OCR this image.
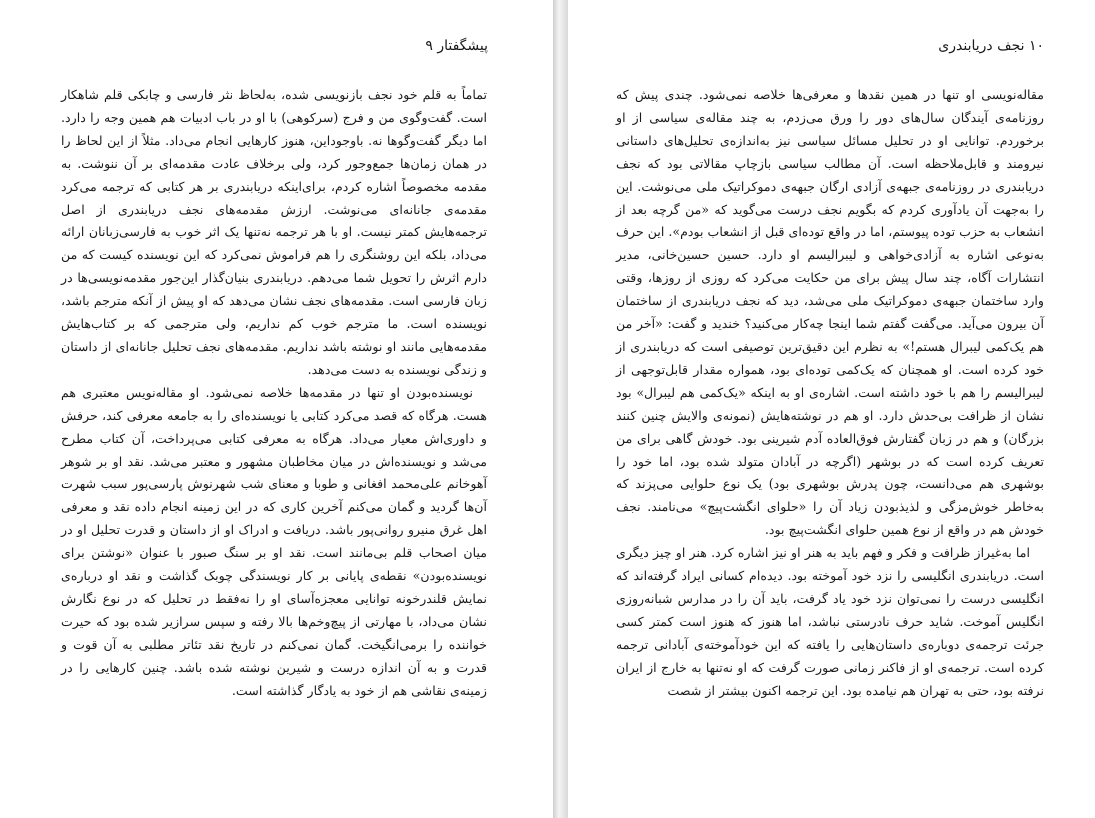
پیشگفتار ۹

تماماً به قلم خود نجف بازنویسی شده، به‌لحاظ نثر فارسی و چابکی قلم شاهکار است. گفت‌وگوی من و فرج (سرکوهی) با او در باب ادبیات هم همین وجه را دارد. اما دیگر گفت‌وگوها نه. باوجوداین، هنوز کارهایی انجام می‌داد. مثلاً از این لحاظ را در همان زمان‌ها جمع‌وجور کرد، ولی برخلاف عادت مقدمه‌ای بر آن ننوشت. به مقدمه مخصوصاً اشاره کردم، برای‌اینکه دریابندری بر هر کتابی که ترجمه می‌کرد مقدمه‌ی جانانه‌ای می‌نوشت. ارزش مقدمه‌های نجف دریابندری از اصل ترجمه‌هایش کمتر نیست. او با هر ترجمه نه‌تنها یک اثر خوب به فارسی‌زبانان ارائه می‌داد، بلکه این روشنگری را هم فراموش نمی‌کرد که این نویسنده کیست که من دارم اثرش را تحویل شما می‌دهم. دریابندری بنیان‌گذار این‌جور مقدمه‌نویسی‌ها در زبان فارسی است. مقدمه‌های نجف نشان می‌دهد که او پیش از آنکه مترجم باشد، نویسنده است. ما مترجم خوب کم نداریم، ولی مترجمی که بر کتاب‌هایش مقدمه‌هایی مانند او نوشته باشد نداریم. مقدمه‌های نجف تحلیل جانانه‌ای از داستان و زندگی نویسنده به دست می‌دهد.

نویسنده‌بودن او تنها در مقدمه‌ها خلاصه نمی‌شود. او مقاله‌نویس معتبری هم هست. هرگاه که قصد می‌کرد کتابی یا نویسنده‌ای را به جامعه معرفی کند، حرفش و داوری‌اش معیار می‌داد. هرگاه به معرفی کتابی می‌پرداخت، آن کتاب مطرح می‌شد و نویسنده‌اش در میان مخاطبان مشهور و معتبر می‌شد. نقد او بر شوهر آهوخانم علی‌محمد افغانی و طوبا و معنای شب شهرنوش پارسی‌پور سبب شهرت آن‌ها گردید و گمان می‌کنم آخرین کاری که در این زمینه انجام داده نقد و معرفی اهل غرق منیرو روانی‌پور باشد. دریافت و ادراک او از داستان و قدرت تحلیل او در میان اصحاب قلم بی‌مانند است. نقد او بر سنگ صبور با عنوان «نوشتن برای نویسنده‌بودن» نقطه‌ی پایانی بر کار نویسندگی چوبک گذاشت و نقد او درباره‌ی نمایش قلندرخونه توانایی معجزه‌آسای او را نه‌فقط در تحلیل که در نوع نگارش نشان می‌داد، با مهارتی از پیچ‌وخم‌ها بالا رفته و سپس سرازیر شده بود که حیرت خواننده را برمی‌انگیخت. گمان نمی‌کنم در تاریخ نقد تئاتر مطلبی به آن قوت و قدرت و به آن اندازه درست و شیرین نوشته شده باشد. چنین کارهایی را در زمینه‌ی نقاشی هم از خود به یادگار گذاشته است.

۱۰ نجف دریابندری

مقاله‌نویسی او تنها در همین نقدها و معرفی‌ها خلاصه نمی‌شود. چندی پیش که روزنامه‌ی آیندگان سال‌های دور را ورق می‌زدم، به چند مقاله‌ی سیاسی از او برخوردم. توانایی او در تحلیل مسائل سیاسی نیز به‌اندازه‌ی تحلیل‌های داستانی نیرومند و قابل‌ملاحظه است. آن مطالب سیاسی بازچاپ مقالاتی بود که نجف دریابندری در روزنامه‌ی جبهه‌ی آزادی ارگان جبهه‌ی دموکراتیک ملی می‌نوشت. این را به‌جهت آن یادآوری کردم که بگویم نجف درست می‌گوید که «من گرچه بعد از انشعاب به حزب توده پیوستم، اما در واقع توده‌ای قبل از انشعاب بودم». این حرف به‌نوعی اشاره به آزادی‌خواهی و لیبرالیسم او دارد. حسین حسین‌خانی، مدیر انتشارات آگاه، چند سال پیش برای من حکایت می‌کرد که روزی از روزها، وقتی وارد ساختمان جبهه‌ی دموکراتیک ملی می‌شد، دید که نجف دریابندری از ساختمان آن بیرون می‌آید. می‌گفت گفتم شما اینجا چه‌کار می‌کنید؟ خندید و گفت: «آخر من هم یک‌کمی لیبرال هستم!» به نظرم این دقیق‌ترین توصیفی است که دریابندری از خود کرده است. او همچنان که یک‌کمی توده‌ای بود، همواره مقدار قابل‌توجهی از لیبرالیسم را هم با خود داشته است. اشاره‌ی او به اینکه «یک‌کمی هم لیبرال» بود نشان از ظرافت بی‌حدش دارد. او هم در نوشته‌هایش (نمونه‌ی والایش چنین کنند بزرگان) و هم در زبان گفتارش فوق‌العاده آدم شیرینی بود. خودش گاهی برای من تعریف کرده است که در بوشهر (اگرچه در آبادان متولد شده بود، اما خود را بوشهری هم می‌دانست، چون پدرش بوشهری بود) یک نوع حلوایی می‌پزند که به‌خاطر خوش‌مزگی و لذیذبودن زیاد آن را «حلوای انگشت‌پیچ» می‌نامند. نجف خودش هم در واقع از نوع همین حلوای انگشت‌پیچ بود.

اما به‌غیراز ظرافت و فکر و فهم باید به هنر او نیز اشاره کرد. هنر او چیز دیگری است. دریابندری انگلیسی را نزد خود آموخته بود. دیده‌ام کسانی ایراد گرفته‌اند که انگلیسی درست را نمی‌توان نزد خود یاد گرفت، باید آن را در مدارس شبانه‌روزی انگلیس آموخت. شاید حرف نادرستی نباشد، اما هنوز که هنوز است کمتر کسی جرئت ترجمه‌ی دوباره‌ی داستان‌هایی را یافته که این خودآموخته‌ی آبادانی ترجمه کرده است. ترجمه‌ی او از فاکنر زمانی صورت گرفت که او نه‌تنها به خارج از ایران نرفته بود، حتی به تهران هم نیامده بود. این ترجمه اکنون بیشتر از شصت
